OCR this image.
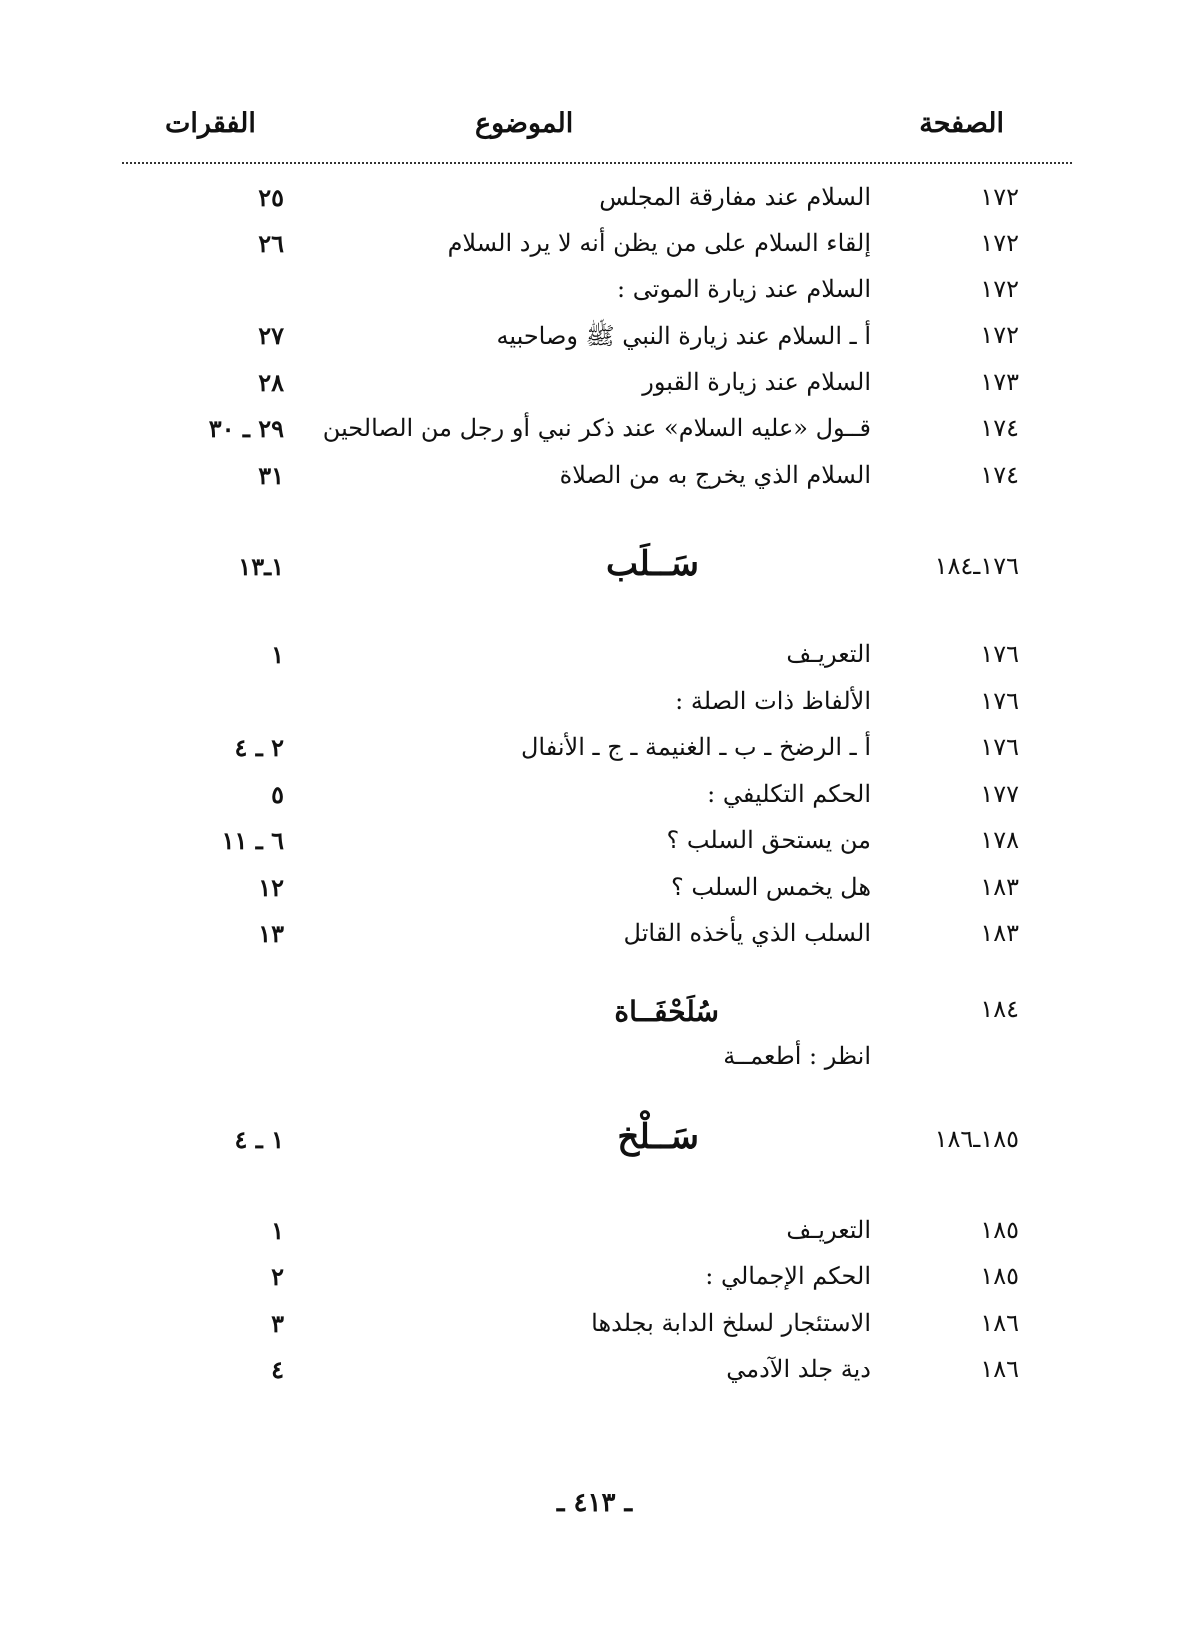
الصفحة
الموضوع
الفقرات
١٧٢
السلام عند مفارقة المجلس
٢٥
١٧٢
إلقاء السلام على من يظن أنه لا يرد السلام
٢٦
١٧٢
السلام عند زيارة الموتى :
١٧٢
أ ـ السلام عند زيارة النبي ﷺ وصاحبيه
٢٧
١٧٣
السلام عند زيارة القبور
٢٨
١٧٤
قــول «عليه السلام» عند ذكر نبي أو رجل من الصالحين
٢٩ ـ ٣٠
١٧٤
السلام الذي يخرج به من الصلاة
٣١
١٧٦ـ١٨٤
سَــلَب
١ـ١٣
١٧٦
التعريـف
١
١٧٦
الألفاظ ذات الصلة :
١٧٦
أ ـ الرضخ ـ ب ـ الغنيمة ـ ج ـ الأنفال
٢ ـ ٤
١٧٧
الحكم التكليفي :
٥
١٧٨
من يستحق السلب ؟
٦ ـ ١١
١٨٣
هل يخمس السلب ؟
١٢
١٨٣
السلب الذي يأخذه القاتل
١٣
١٨٤
سُلَحْفَــاة
انظر : أطعمــة
١٨٥ـ١٨٦
سَــلْخ
١ ـ ٤
١٨٥
التعريـف
١
١٨٥
الحكم الإجمالي :
٢
١٨٦
الاستئجار لسلخ الدابة بجلدها
٣
١٨٦
دية جلد الآدمي
٤
ـ ٤١٣ ـ
